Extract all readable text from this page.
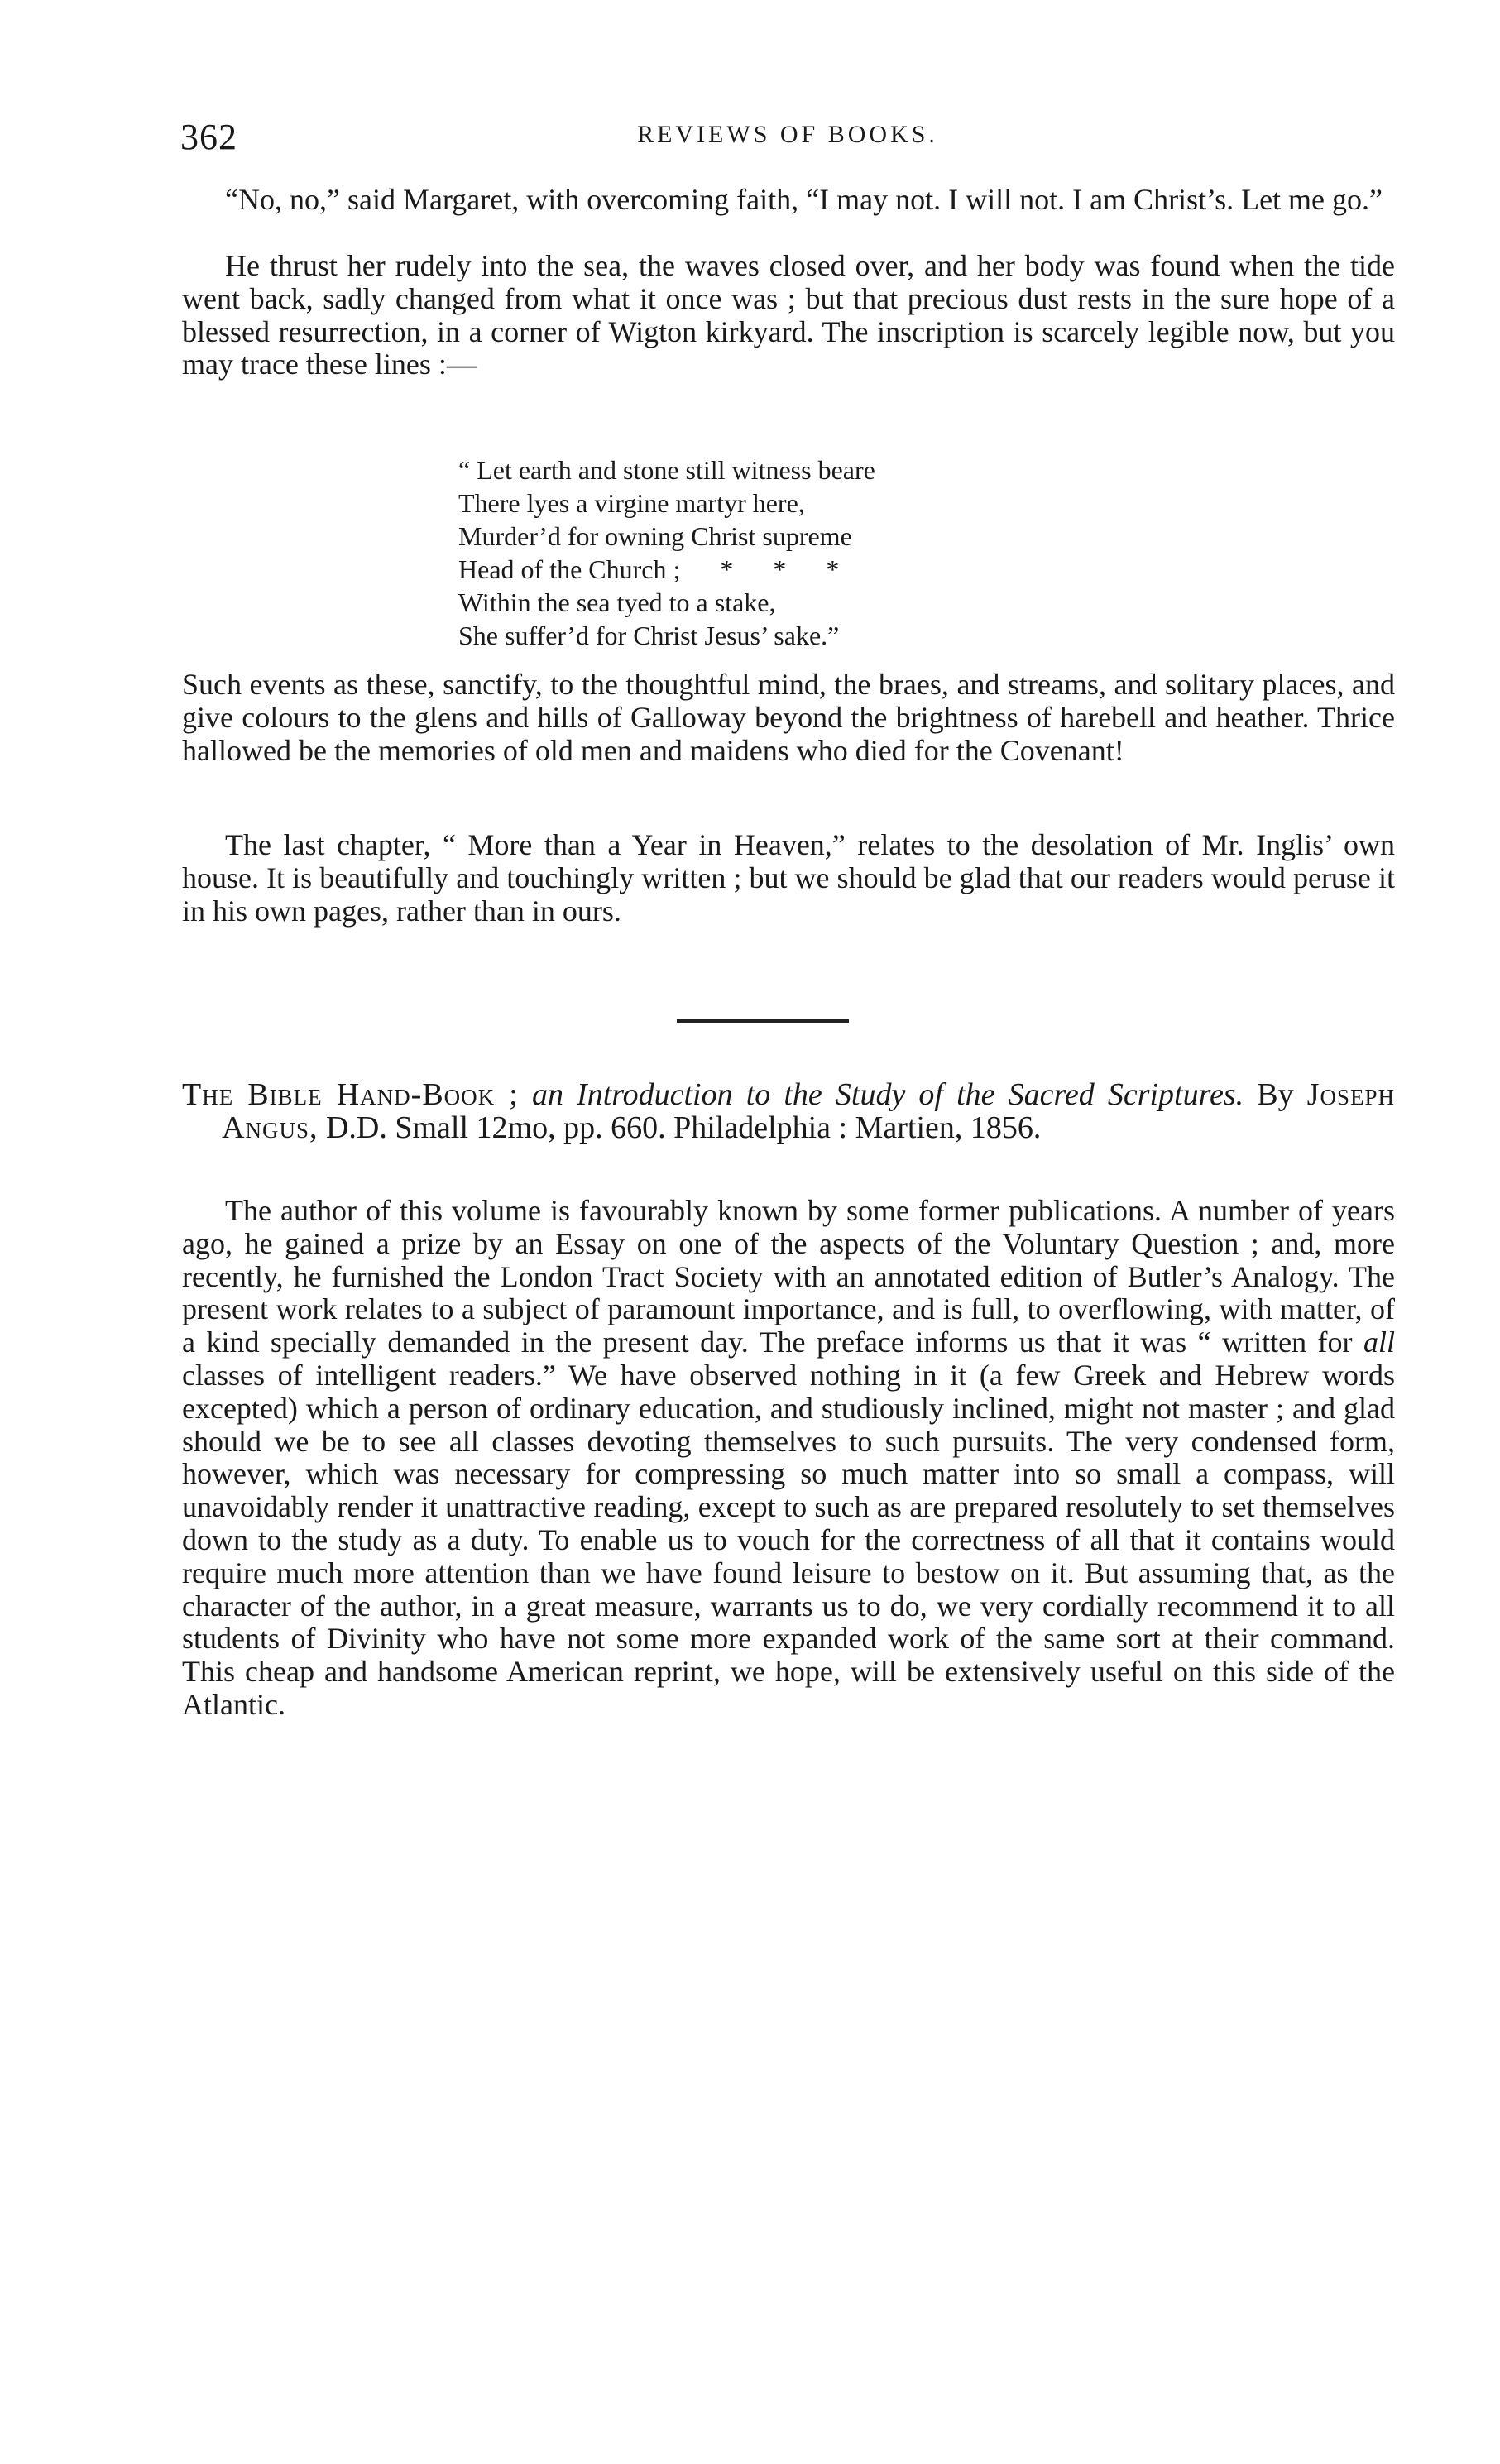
362	REVIEWS OF BOOKS.

“No, no,” said Margaret, with overcoming faith, “I may not. I will not. I am Christ’s. Let me go.”

He thrust her rudely into the sea, the waves closed over, and her body was found when the tide went back, sadly changed from what it once was ; but that precious dust rests in the sure hope of a blessed resurrection, in a corner of Wigton kirkyard. The inscription is scarcely legible now, but you may trace these lines :—

“ Let earth and stone still witness beare
There lyes a virgine martyr here,
Murder’d for owning Christ supreme
Head of the Church ;      *      *      *
Within the sea tyed to a stake,
She suffer’d for Christ Jesus’ sake.”

Such events as these, sanctify, to the thoughtful mind, the braes, and streams, and solitary places, and give colours to the glens and hills of Galloway beyond the brightness of harebell and heather. Thrice hallowed be the memories of old men and maidens who died for the Covenant!

The last chapter, “ More than a Year in Heaven,” relates to the desolation of Mr. Inglis’ own house. It is beautifully and touchingly written ; but we should be glad that our readers would peruse it in his own pages, rather than in ours.

The Bible Hand-Book ; an Introduction to the Study of the Sacred Scriptures. By Joseph Angus, D.D. Small 12mo, pp. 660. Philadelphia : Martien, 1856.

The author of this volume is favourably known by some former publications. A number of years ago, he gained a prize by an Essay on one of the aspects of the Voluntary Question ; and, more recently, he furnished the London Tract Society with an annotated edition of Butler’s Analogy. The present work relates to a subject of paramount importance, and is full, to overflowing, with matter, of a kind specially demanded in the present day. The preface informs us that it was “ written for all classes of intelligent readers.” We have observed nothing in it (a few Greek and Hebrew words excepted) which a person of ordinary education, and studiously inclined, might not master ; and glad should we be to see all classes devoting themselves to such pursuits. The very condensed form, however, which was necessary for compressing so much matter into so small a compass, will unavoidably render it unattractive reading, except to such as are prepared resolutely to set themselves down to the study as a duty. To enable us to vouch for the correctness of all that it contains would require much more attention than we have found leisure to bestow on it. But assuming that, as the character of the author, in a great measure, warrants us to do, we very cordially recommend it to all students of Divinity who have not some more expanded work of the same sort at their command. This cheap and handsome American reprint, we hope, will be extensively useful on this side of the Atlantic.
